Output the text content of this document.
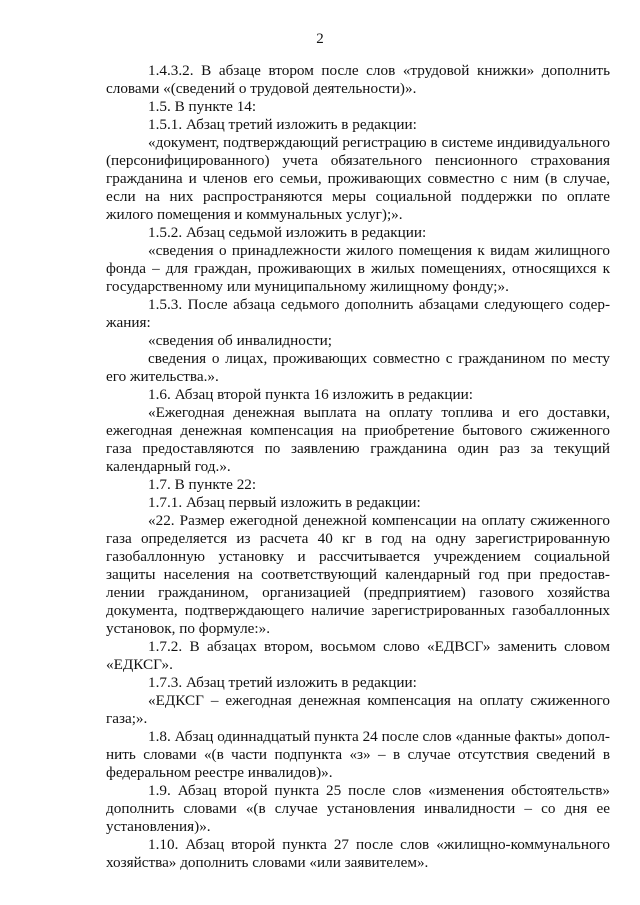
2

1.4.3.2. В абзаце втором после слов «трудовой книжки» дополнить словами «(сведений о трудовой деятельности)».

1.5. В пункте 14:

1.5.1. Абзац третий изложить в редакции:

«документ, подтверждающий регистрацию в системе индивидуального (персонифицированного) учета обязательного пенсионного страхования гражданина и членов его семьи, проживающих совместно с ним (в случае, если на них распространяются меры социальной поддержки по оплате жилого помещения и коммунальных услуг);».

1.5.2. Абзац седьмой изложить в редакции:

«сведения о принадлежности жилого помещения к видам жилищного фонда – для граждан, проживающих в жилых помещениях, относящихся к государственному или муниципальному жилищному фонду;».

1.5.3. После абзаца седьмого дополнить абзацами следующего содер-жания:

«сведения об инвалидности;

сведения о лицах, проживающих совместно с гражданином по месту его жительства.».

1.6. Абзац второй пункта 16 изложить в редакции:

«Ежегодная денежная выплата на оплату топлива и его доставки, ежегодная денежная компенсация на приобретение бытового сжиженного газа предоставляются по заявлению гражданина один раз за текущий календарный год.».

1.7. В пункте 22:

1.7.1. Абзац первый изложить в редакции:

«22. Размер ежегодной денежной компенсации на оплату сжиженного газа определяется из расчета 40 кг в год на одну зарегистрированную газобаллонную установку и рассчитывается учреждением социальной защиты населения на соответствующий календарный год при предостав-лении гражданином, организацией (предприятием) газового хозяйства документа, подтверждающего наличие зарегистрированных газобаллонных установок, по формуле:».

1.7.2. В абзацах втором, восьмом слово «ЕДВСГ» заменить словом «ЕДКСГ».

1.7.3. Абзац третий изложить в редакции:

«ЕДКСГ – ежегодная денежная компенсация на оплату сжиженного газа;».

1.8. Абзац одиннадцатый пункта 24 после слов «данные факты» допол-нить словами «(в части подпункта «з» – в случае отсутствия сведений в федеральном реестре инвалидов)».

1.9. Абзац второй пункта 25 после слов «изменения обстоятельств» дополнить словами «(в случае установления инвалидности – со дня ее установления)».

1.10. Абзац второй пункта 27 после слов «жилищно-коммунального хозяйства» дополнить словами «или заявителем».
